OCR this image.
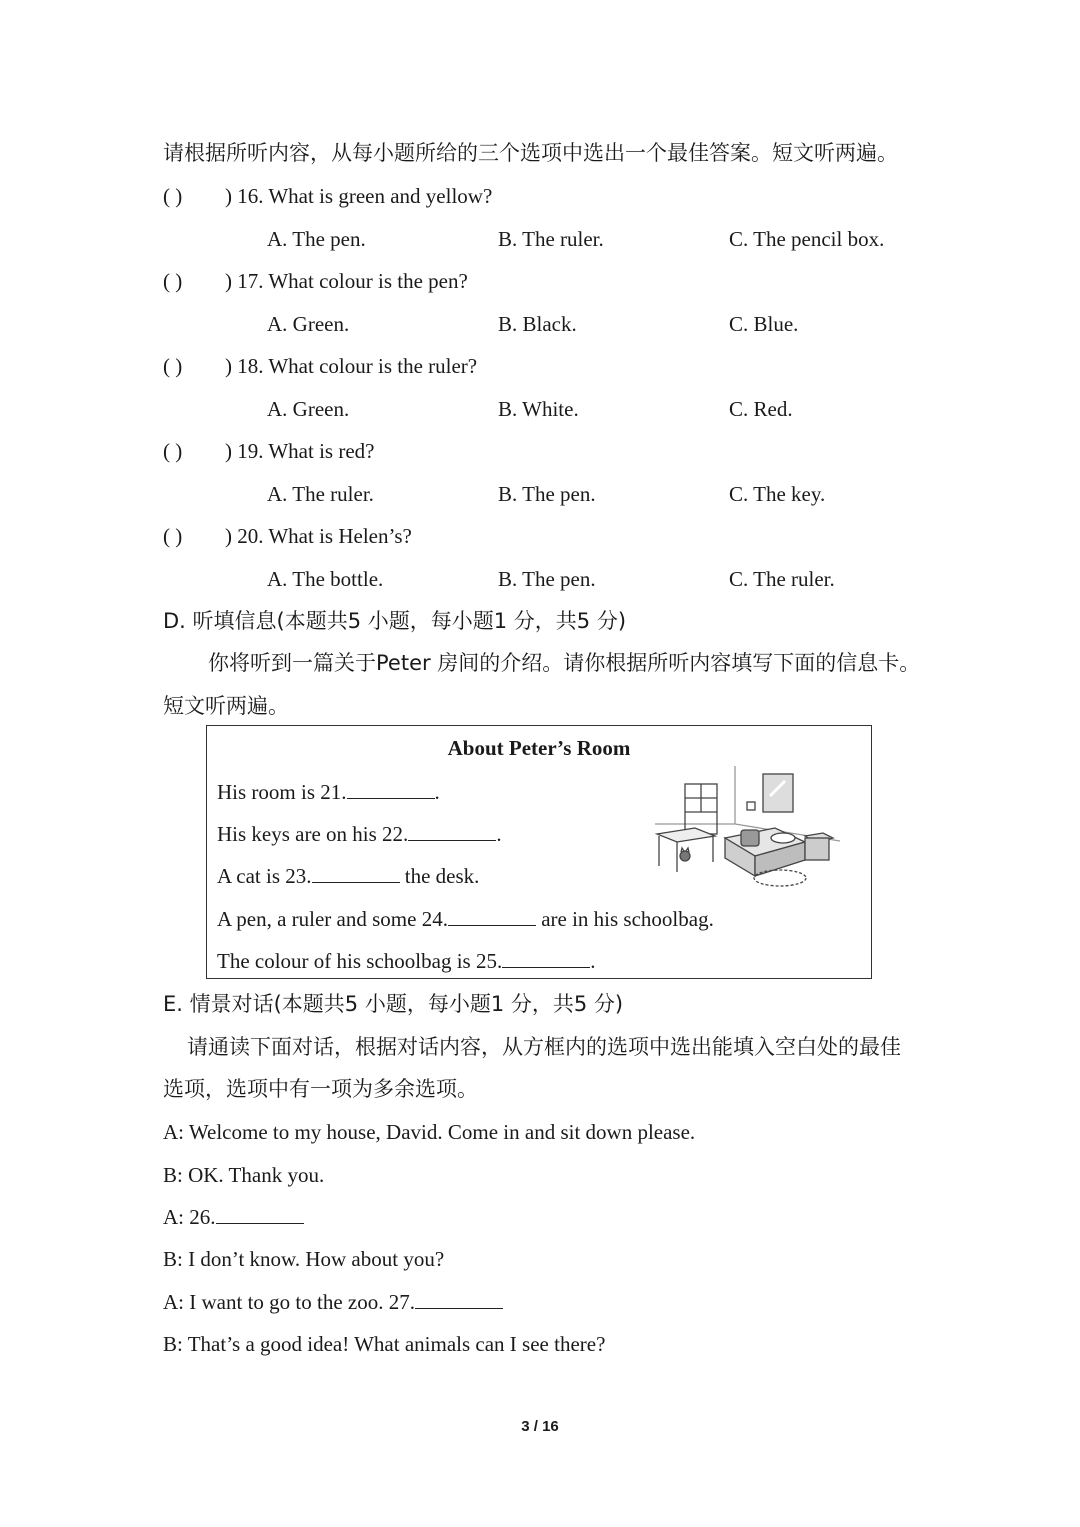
请根据所听内容，从每小题所给的三个选项中选出一个最佳答案。短文听两遍。
( ) ) 16. What is green and yellow?
A. The pen.	B. The ruler.	C. The pencil box.
( ) ) 17. What colour is the pen?
A. Green.	B. Black.	C. Blue.
( ) ) 18. What colour is the ruler?
A. Green.	B. White.	C. Red.
( ) ) 19. What is red?
A. The ruler.	B. The pen.	C. The key.
( ) ) 20. What is Helen’s?
A. The bottle.	B. The pen.	C. The ruler.
D. 听填信息(本题共5 小题，每小题1 分，共5 分)
你将听到一篇关于Peter 房间的介绍。请你根据所听内容填写下面的信息卡。
短文听两遍。
About Peter’s Room
His room is 21.	.
His keys are on his 22.	.
A cat is 23.	the desk.
A pen, a ruler and some 24.	are in his schoolbag.
The colour of his schoolbag is 25.	.
E. 情景对话(本题共5 小题，每小题1 分，共5 分)
请通读下面对话，根据对话内容，从方框内的选项中选出能填入空白处的最佳
选项，选项中有一项为多余选项。
A: Welcome to my house, David. Come in and sit down please.
B: OK. Thank you.
A: 26.
B: I don’t know. How about you?
A: I want to go to the zoo. 27.
B: That’s a good idea! What animals can I see there?
3 / 16
